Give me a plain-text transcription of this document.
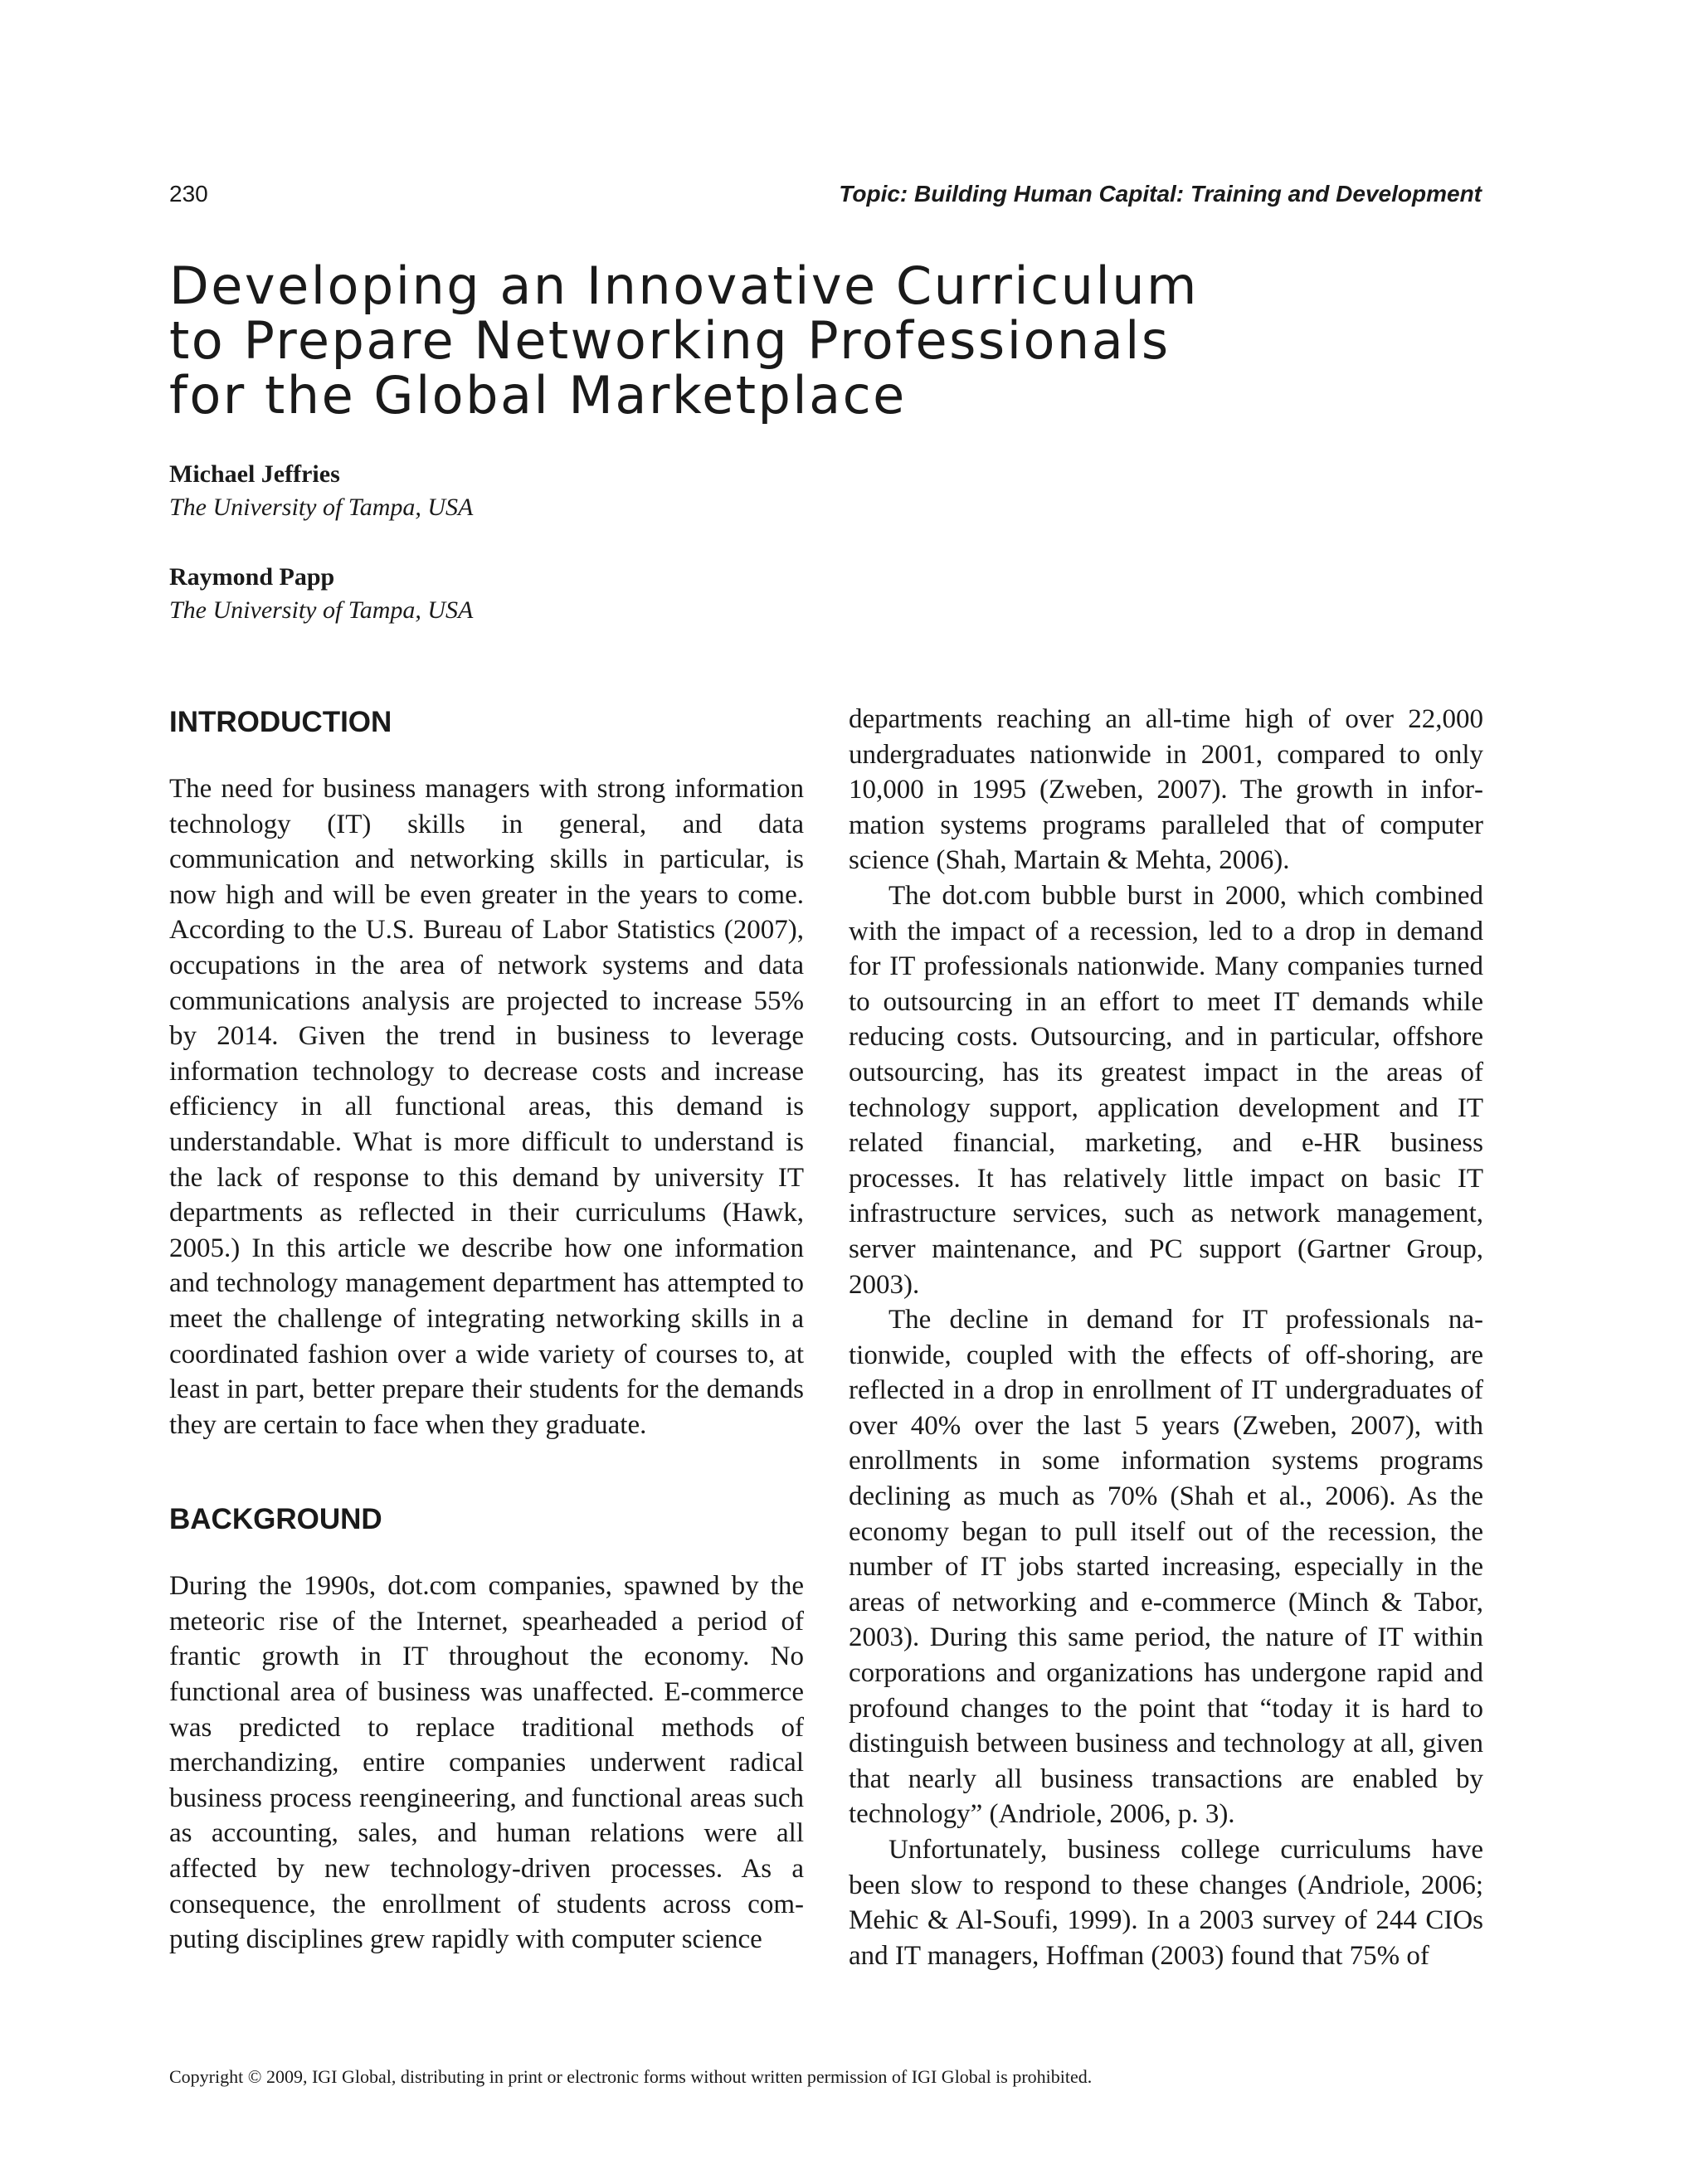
230	Topic: Building Human Capital: Training and Development
Developing an Innovative Curriculum
to Prepare Networking Professionals
for the Global Marketplace
Michael Jeffries
The University of Tampa, USA
Raymond Papp
The University of Tampa, USA
INTRODUCTION

The need for business managers with strong information technology (IT) skills in general, and data communication and networking skills in particular, is now high and will be even greater in the years to come. According to the U.S. Bureau of Labor Statistics (2007), occupations in the area of network systems and data communications analysis are projected to increase 55% by 2014. Given the trend in business to leverage information technology to decrease costs and increase efficiency in all functional areas, this demand is understandable. What is more difficult to understand is the lack of response to this demand by university IT departments as reflected in their curriculums (Hawk, 2005.) In this article we describe how one information and technology management department has attempted to meet the challenge of integrating networking skills in a coordinated fashion over a wide variety of courses to, at least in part, better prepare their students for the demands they are certain to face when they graduate.

BACKGROUND

During the 1990s, dot.com companies, spawned by the meteoric rise of the Internet, spearheaded a period of frantic growth in IT throughout the economy. No functional area of business was unaffected. E-commerce was predicted to replace traditional methods of merchandizing, entire companies underwent radical business process reengineering, and functional areas such as accounting, sales, and human relations were all affected by new technology-driven processes. As a consequence, the enrollment of students across computing disciplines grew rapidly with computer science

departments reaching an all-time high of over 22,000 undergraduates nationwide in 2001, compared to only 10,000 in 1995 (Zweben, 2007). The growth in information systems programs paralleled that of computer science (Shah, Martain & Mehta, 2006).

The dot.com bubble burst in 2000, which combined with the impact of a recession, led to a drop in demand for IT professionals nationwide. Many companies turned to outsourcing in an effort to meet IT demands while reducing costs. Outsourcing, and in particular, offshore outsourcing, has its greatest impact in the areas of technology support, application development and IT related financial, marketing, and e-HR business processes. It has relatively little impact on basic IT infrastructure services, such as network management, server maintenance, and PC support (Gartner Group, 2003).

The decline in demand for IT professionals nationwide, coupled with the effects of off-shoring, are reflected in a drop in enrollment of IT undergraduates of over 40% over the last 5 years (Zweben, 2007), with enrollments in some information systems programs declining as much as 70% (Shah et al., 2006). As the economy began to pull itself out of the recession, the number of IT jobs started increasing, especially in the areas of networking and e-commerce (Minch & Tabor, 2003). During this same period, the nature of IT within corporations and organizations has undergone rapid and profound changes to the point that “today it is hard to distinguish between business and technology at all, given that nearly all business transactions are enabled by technology” (Andriole, 2006, p. 3).

Unfortunately, business college curriculums have been slow to respond to these changes (Andriole, 2006; Mehic & Al-Soufi, 1999). In a 2003 survey of 244 CIOs and IT managers, Hoffman (2003) found that 75% of

Copyright © 2009, IGI Global, distributing in print or electronic forms without written permission of IGI Global is prohibited.
